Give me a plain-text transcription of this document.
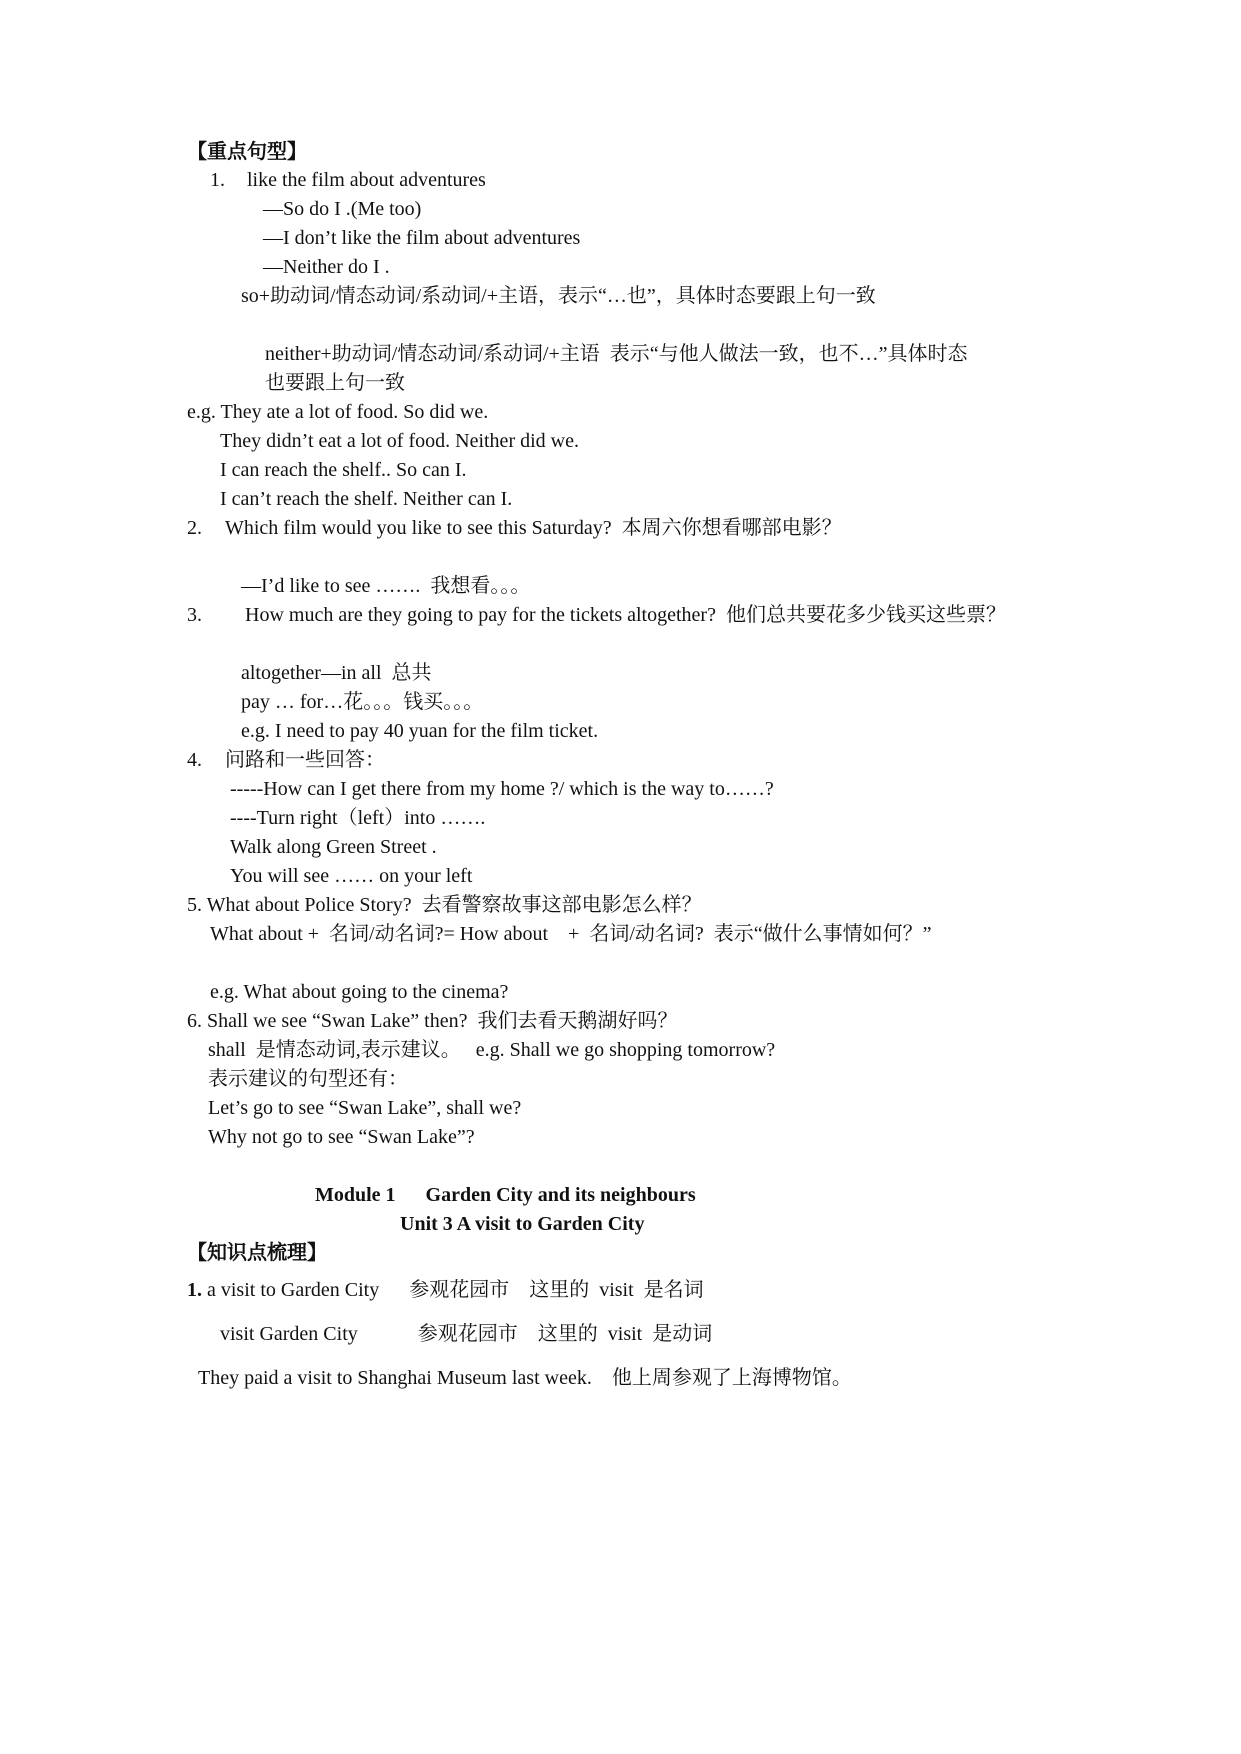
【重点句型】
1. like the film about adventures
—So do I .(Me too)
—I don’t like the film about adventures
—Neither do I .
so+助动词/情态动词/系动词/+主语，表示“…也”，具体时态要跟上句一致
neither+助动词/情态动词/系动词/+主语  表示“与他人做法一致，也不…”具体时态
也要跟上句一致
e.g. They ate a lot of food. So did we.
They didn’t eat a lot of food. Neither did we.
I can reach the shelf.. So can I.
I can’t reach the shelf. Neither can I.
2. Which film would you like to see this Saturday?  本周六你想看哪部电影？
—I’d like to see …….  我想看。。。
3. How much are they going to pay for the tickets altogether?  他们总共要花多少钱买这些票？
altogether—in all  总共
pay … for…花。。。钱买。。。
e.g. I need to pay 40 yuan for the film ticket.
4. 问路和一些回答：
-----How can I get there from my home ?/ which is the way to……?
----Turn right（left）into …….
Walk along Green Street .
You will see …… on your left
5. What about Police Story?  去看警察故事这部电影怎么样？
What about +  名词/动名词?= How about    +  名词/动名词?  表示“做什么事情如何？”
e.g. What about going to the cinema?
6. Shall we see “Swan Lake” then?  我们去看天鹅湖好吗？
shall  是情态动词,表示建议。   e.g. Shall we go shopping tomorrow?
表示建议的句型还有：
Let’s go to see “Swan Lake”, shall we?
Why not go to see “Swan Lake”?
Module 1      Garden City and its neighbours
Unit 3 A visit to Garden City
【知识点梳理】
1. a visit to Garden City      参观花园市    这里的  visit  是名词
visit Garden City            参观花园市    这里的  visit  是动词
They paid a visit to Shanghai Museum last week.    他上周参观了上海博物馆。
